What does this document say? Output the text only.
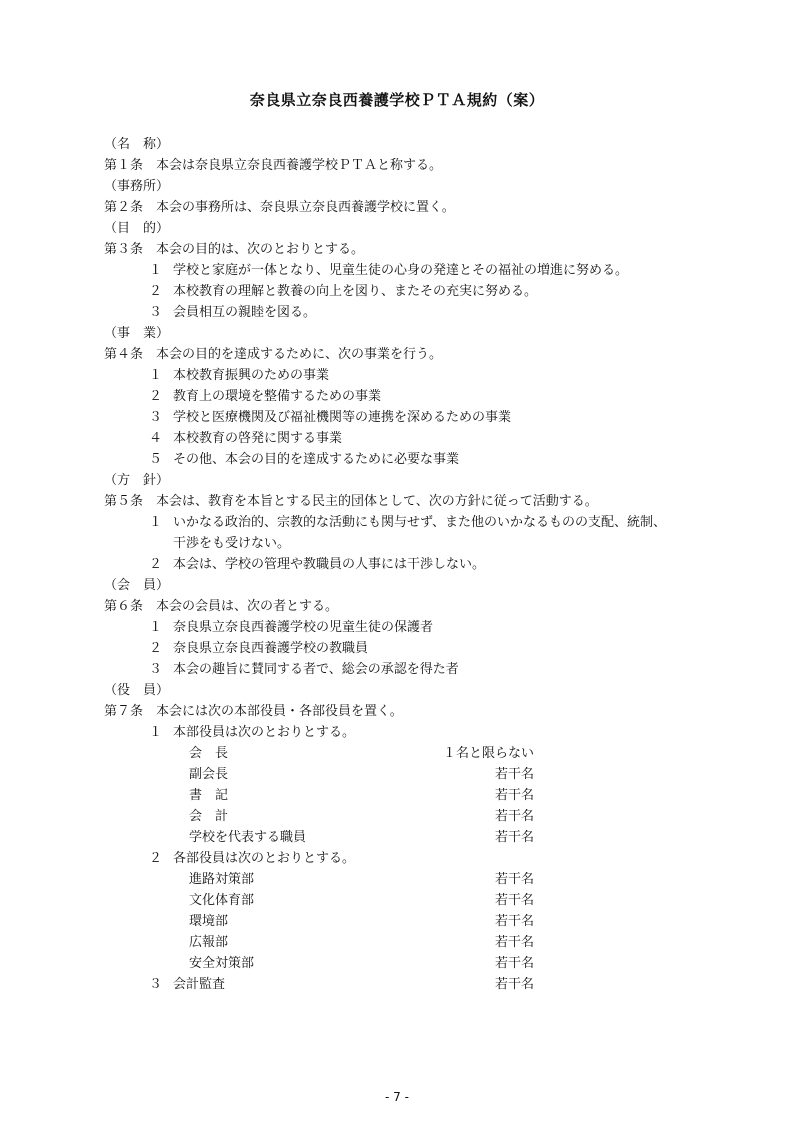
奈良県立奈良西養護学校ＰＴＡ規約（案）
（名　称）
第１条　本会は奈良県立奈良西養護学校ＰＴＡと称する。
（事務所）
第２条　本会の事務所は、奈良県立奈良西養護学校に置く。
（目　的）
第３条　本会の目的は、次のとおりとする。
１ 学校と家庭が一体となり、児童生徒の心身の発達とその福祉の増進に努める。
２ 本校教育の理解と教養の向上を図り、またその充実に努める。
３ 会員相互の親睦を図る。
（事　業）
第４条　本会の目的を達成するために、次の事業を行う。
１ 本校教育振興のための事業
２ 教育上の環境を整備するための事業
３ 学校と医療機関及び福祉機関等の連携を深めるための事業
４ 本校教育の啓発に関する事業
５ その他、本会の目的を達成するために必要な事業
（方　針）
第５条　本会は、教育を本旨とする民主的団体として、次の方針に従って活動する。
１ いかなる政治的、宗教的な活動にも関与せず、また他のいかなるものの支配、統制、
干渉をも受けない。
２ 本会は、学校の管理や教職員の人事には干渉しない。
（会　員）
第６条　本会の会員は、次の者とする。
１ 奈良県立奈良西養護学校の児童生徒の保護者
２ 奈良県立奈良西養護学校の教職員
３ 本会の趣旨に賛同する者で、総会の承認を得た者
（役　員）
第７条　本会には次の本部役員・各部役員を置く。
１ 本部役員は次のとおりとする。
会　長	１名と限らない
副会長	若干名
書　記	若干名
会　計	若干名
学校を代表する職員	若干名
２ 各部役員は次のとおりとする。
進路対策部	若干名
文化体育部	若干名
環境部	若干名
広報部	若干名
安全対策部	若干名
３ 会計監査	若干名
- 7 -
